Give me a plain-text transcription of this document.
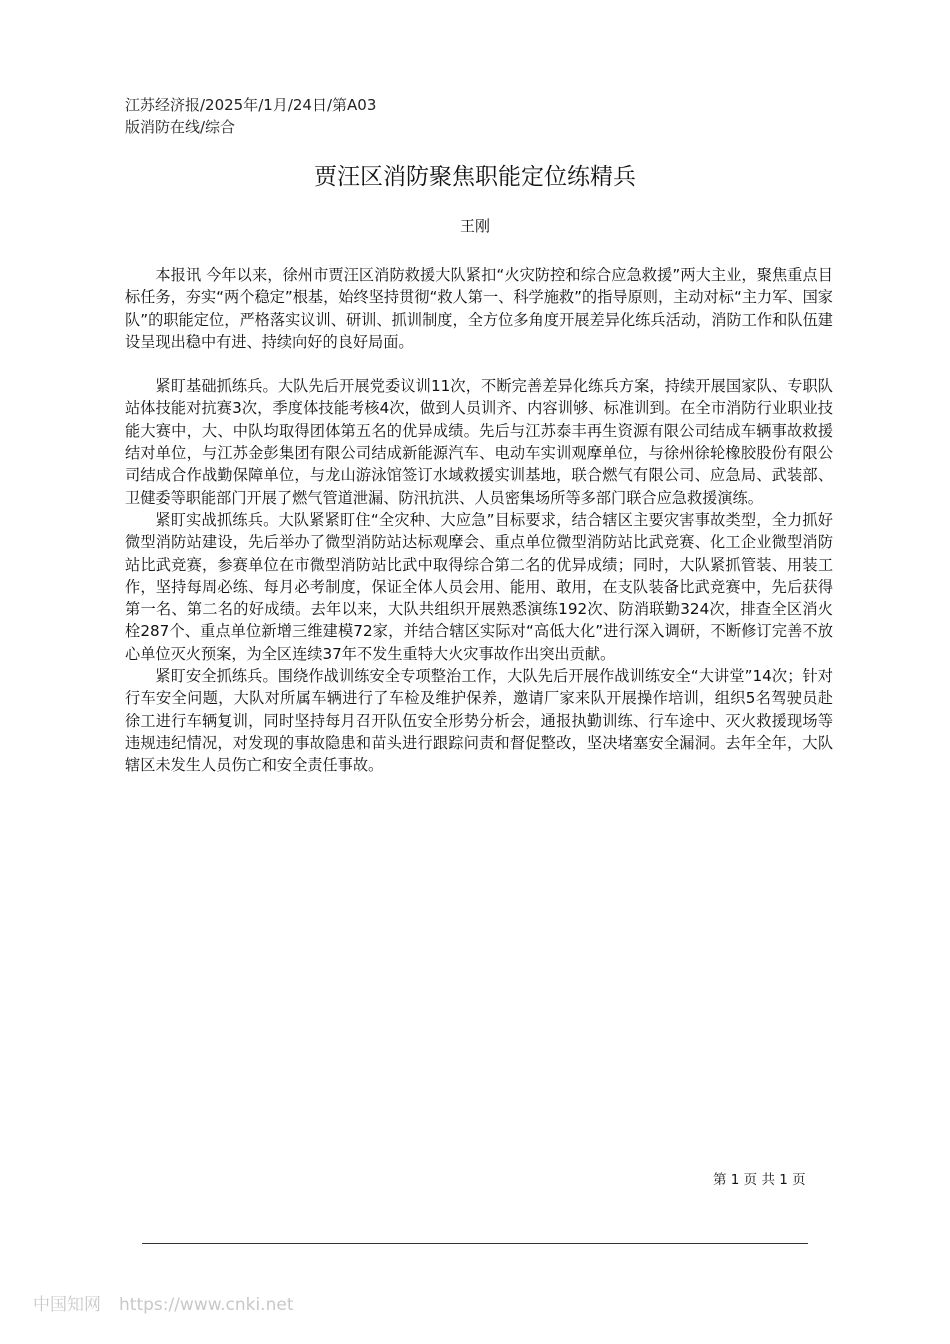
江苏经济报/2025年/1月/24日/第A03
版消防在线/综合
贾汪区消防聚焦职能定位练精兵
王刚

本报讯 今年以来，徐州市贾汪区消防救援大队紧扣“火灾防控和综合应急救援”两大主业，聚焦重点目标任务，夯实“两个稳定”根基，始终坚持贯彻“救人第一、科学施救”的指导原则，主动对标“主力军、国家队”的职能定位，严格落实议训、研训、抓训制度，全方位多角度开展差异化练兵活动，消防工作和队伍建设呈现出稳中有进、持续向好的良好局面。

紧盯基础抓练兵。大队先后开展党委议训11次，不断完善差异化练兵方案，持续开展国家队、专职队站体技能对抗赛3次，季度体技能考核4次，做到人员训齐、内容训够、标准训到。在全市消防行业职业技能大赛中，大、中队均取得团体第五名的优异成绩。先后与江苏泰丰再生资源有限公司结成车辆事故救援结对单位，与江苏金彭集团有限公司结成新能源汽车、电动车实训观摩单位，与徐州徐轮橡胶股份有限公司结成合作战勤保障单位，与龙山游泳馆签订水域救援实训基地，联合燃气有限公司、应急局、武装部、卫健委等职能部门开展了燃气管道泄漏、防汛抗洪、人员密集场所等多部门联合应急救援演练。

紧盯实战抓练兵。大队紧紧盯住“全灾种、大应急”目标要求，结合辖区主要灾害事故类型，全力抓好微型消防站建设，先后举办了微型消防站达标观摩会、重点单位微型消防站比武竞赛、化工企业微型消防站比武竞赛，参赛单位在市微型消防站比武中取得综合第二名的优异成绩；同时，大队紧抓管装、用装工作，坚持每周必练、每月必考制度，保证全体人员会用、能用、敢用，在支队装备比武竞赛中，先后获得第一名、第二名的好成绩。去年以来，大队共组织开展熟悉演练192次、防消联勤324次，排查全区消火栓287个、重点单位新增三维建模72家，并结合辖区实际对“高低大化”进行深入调研，不断修订完善不放心单位灭火预案，为全区连续37年不发生重特大火灾事故作出突出贡献。

紧盯安全抓练兵。围绕作战训练安全专项整治工作，大队先后开展作战训练安全“大讲堂”14次；针对行车安全问题，大队对所属车辆进行了车检及维护保养，邀请厂家来队开展操作培训，组织5名驾驶员赴徐工进行车辆复训，同时坚持每月召开队伍安全形势分析会，通报执勤训练、行车途中、灭火救援现场等违规违纪情况，对发现的事故隐患和苗头进行跟踪问责和督促整改，坚决堵塞安全漏洞。去年全年，大队辖区未发生人员伤亡和安全责任事故。

第 1 页 共 1 页
中国知网 https://www.cnki.net
